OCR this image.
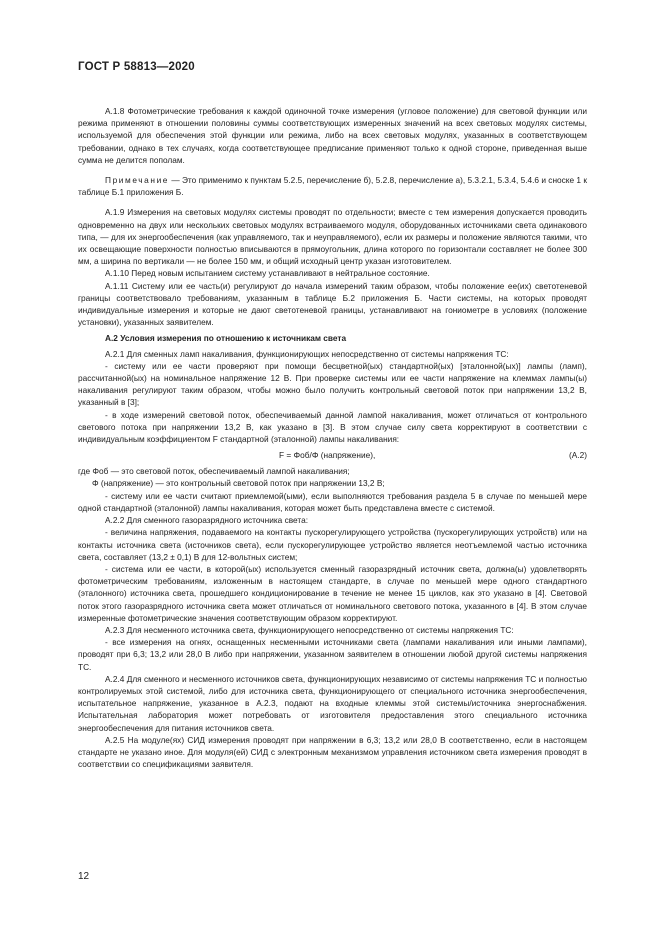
ГОСТ Р 58813—2020

А.1.8 Фотометрические требования к каждой одиночной точке измерения (угловое положение) для световой функции или режима применяют в отношении половины суммы соответствующих измеренных значений на всех световых модулях системы, используемой для обеспечения этой функции или режима, либо на всех световых модулях, указанных в соответствующем требовании, однако в тех случаях, когда соответствующее предписание применяют только к одной стороне, приведенная выше сумма не делится пополам.

Примечание — Это применимо к пунктам 5.2.5, перечисление б), 5.2.8, перечисление а), 5.3.2.1, 5.3.4, 5.4.6 и сноске 1 к таблице Б.1 приложения Б.

А.1.9 Измерения на световых модулях системы проводят по отдельности; вместе с тем измерения допускается проводить одновременно на двух или нескольких световых модулях встраиваемого модуля, оборудованных источниками света одинакового типа, — для их энергообеспечения (как управляемого, так и неуправляемого), если их размеры и положение являются такими, что их освещающие поверхности полностью вписываются в прямоугольник, длина которого по горизонтали составляет не более 300 мм, а ширина по вертикали — не более 150 мм, и общий исходный центр указан изготовителем.

А.1.10 Перед новым испытанием систему устанавливают в нейтральное состояние.

А.1.11 Систему или ее часть(и) регулируют до начала измерений таким образом, чтобы положение ее(их) светотеневой границы соответствовало требованиям, указанным в таблице Б.2 приложения Б. Части системы, на которых проводят индивидуальные измерения и которые не дают светотеневой границы, устанавливают на гониометре в условиях (положение установки), указанных заявителем.

А.2 Условия измерения по отношению к источникам света

А.2.1 Для сменных ламп накаливания, функционирующих непосредственно от системы напряжения ТС:

- систему или ее части проверяют при помощи бесцветной(ых) стандартной(ых) [эталонной(ых)] лампы (ламп), рассчитанной(ых) на номинальное напряжение 12 В. При проверке системы или ее части напряжение на клеммах лампы(ы) накаливания регулируют таким образом, чтобы можно было получить контрольный световой поток при напряжении 13,2 В, указанный в [3];

- в ходе измерений световой поток, обеспечиваемый данной лампой накаливания, может отличаться от контрольного светового потока при напряжении 13,2 В, как указано в [3]. В этом случае силу света корректируют в соответствии с индивидуальным коэффициентом F стандартной (эталонной) лампы накаливания:

F = Φоб/Φ (напряжение),	(А.2)

где Φоб — это световой поток, обеспечиваемый лампой накаливания;

Φ (напряжение) — это контрольный световой поток при напряжении 13,2 В;

- систему или ее части считают приемлемой(ыми), если выполняются требования раздела 5 в случае по меньшей мере одной стандартной (эталонной) лампы накаливания, которая может быть представлена вместе с системой.

А.2.2 Для сменного газоразрядного источника света:

- величина напряжения, подаваемого на контакты пускорегулирующего устройства (пускорегулирующих устройств) или на контакты источника света (источников света), если пускорегулирующее устройство является неотъемлемой частью источника света, составляет (13,2 ± 0,1) В для 12-вольтных систем;

- система или ее части, в которой(ых) используется сменный газоразрядный источник света, должна(ы) удовлетворять фотометрическим требованиям, изложенным в настоящем стандарте, в случае по меньшей мере одного стандартного (эталонного) источника света, прошедшего кондиционирование в течение не менее 15 циклов, как это указано в [4]. Световой поток этого газоразрядного источника света может отличаться от номинального светового потока, указанного в [4]. В этом случае измеренные фотометрические значения соответствующим образом корректируют.

А.2.3 Для несменного источника света, функционирующего непосредственно от системы напряжения ТС:

- все измерения на огнях, оснащенных несменными источниками света (лампами накаливания или иными лампами), проводят при 6,3; 13,2 или 28,0 В либо при напряжении, указанном заявителем в отношении любой другой системы напряжения ТС.

А.2.4 Для сменного и несменного источников света, функционирующих независимо от системы напряжения ТС и полностью контролируемых этой системой, либо для источника света, функционирующего от специального источника энергообеспечения, испытательное напряжение, указанное в А.2.3, подают на входные клеммы этой системы/источника энергоснабжения. Испытательная лаборатория может потребовать от изготовителя предоставления этого специального источника энергообеспечения для питания источников света.

А.2.5 На модуле(ях) СИД измерения проводят при напряжении в 6,3; 13,2 или 28,0 В соответственно, если в настоящем стандарте не указано иное. Для модуля(ей) СИД с электронным механизмом управления источником света измерения проводят в соответствии со спецификациями заявителя.

12
